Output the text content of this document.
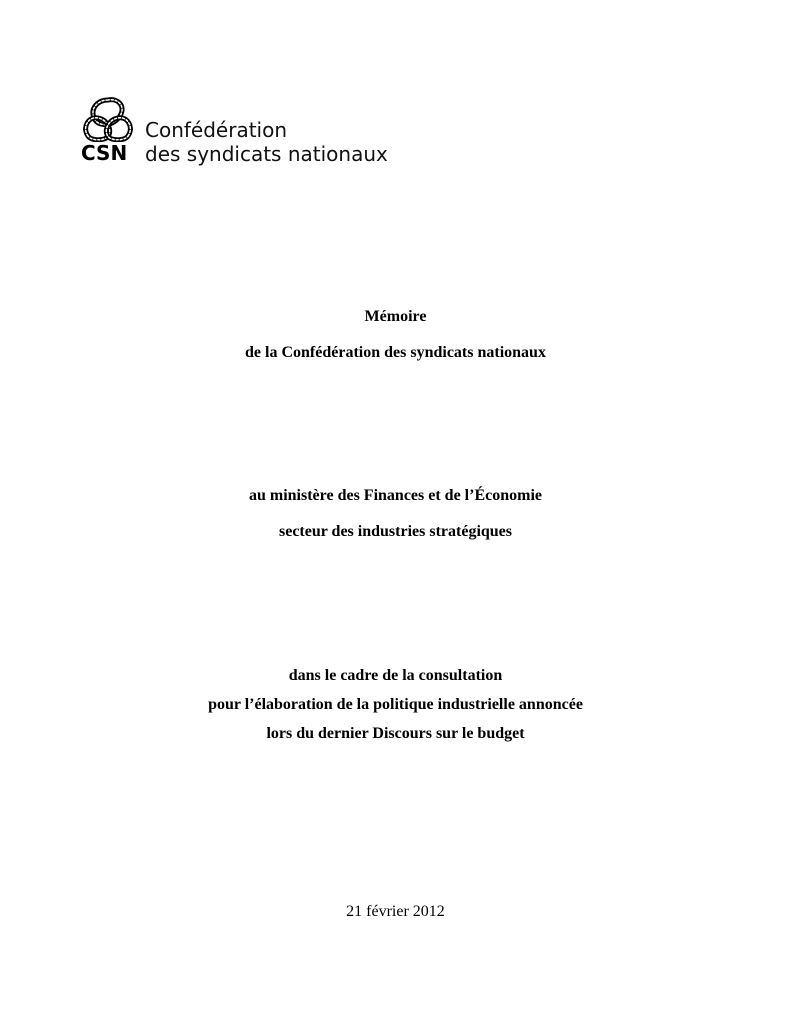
CSN
Confédération
des syndicats nationaux
Mémoire
de la Confédération des syndicats nationaux
au ministère des Finances et de l’Économie
secteur des industries stratégiques
dans le cadre de la consultation
pour l’élaboration de la politique industrielle annoncée
lors du dernier Discours sur le budget
21 février 2012
